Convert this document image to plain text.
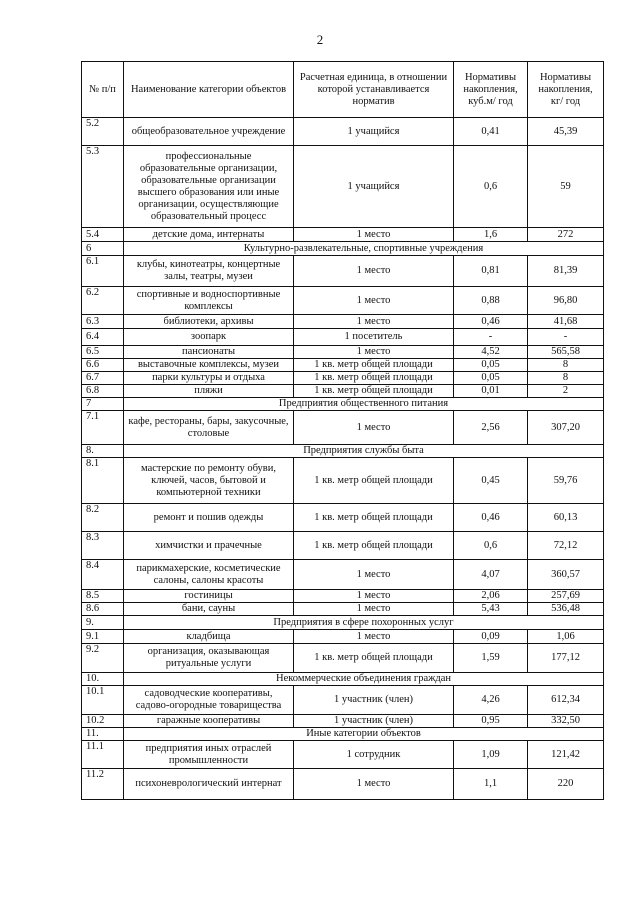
2
№ п/п	Наименование категории объектов	Расчетная единица, в отношении которой устанавливается норматив	Нормативы накопления, куб.м/ год	Нормативы накопления, кг/ год
5.2	общеобразовательное учреждение	1 учащийся	0,41	45,39
5.3	профессиональные образовательные организации, образовательные организации высшего образования или иные организации, осуществляющие образовательный процесс	1 учащийся	0,6	59
5.4	детские дома, интернаты	1 место	1,6	272
6	Культурно-развлекательные, спортивные учреждения			
6.1	клубы, кинотеатры, концертные залы, театры, музеи	1 место	0,81	81,39
6.2	спортивные и водноспортивные комплексы	1 место	0,88	96,80
6.3	библиотеки, архивы	1 место	0,46	41,68
6.4	зоопарк	1 посетитель	-	-
6.5	пансионаты	1 место	4,52	565,58
6.6	выставочные комплексы, музеи	1 кв. метр общей площади	0,05	8
6.7	парки культуры и отдыха	1 кв. метр общей площади	0,05	8
6.8	пляжи	1 кв. метр общей площади	0,01	2
7	Предприятия общественного питания			
7.1	кафе, рестораны, бары, закусочные, столовые	1 место	2,56	307,20
8.	Предприятия службы быта			
8.1	мастерские по ремонту обуви, ключей, часов, бытовой и компьютерной техники	1 кв. метр общей площади	0,45	59,76
8.2	ремонт и пошив одежды	1 кв. метр общей площади	0,46	60,13
8.3	химчистки и прачечные	1 кв. метр общей площади	0,6	72,12
8.4	парикмахерские, косметические салоны, салоны красоты	1 место	4,07	360,57
8.5	гостиницы	1 место	2,06	257,69
8.6	бани, сауны	1 место	5,43	536,48
9.	Предприятия в сфере похоронных услуг			
9.1	кладбища	1 место	0,09	1,06
9.2	организация, оказывающая ритуальные услуги	1 кв. метр общей площади	1,59	177,12
10.	Некоммерческие объединения граждан			
10.1	садоводческие кооперативы, садово-огородные товарищества	1 участник (член)	4,26	612,34
10.2	гаражные кооперативы	1 участник (член)	0,95	332,50
11.	Иные категории объектов			
11.1	предприятия иных отраслей промышленности	1 сотрудник	1,09	121,42
11.2	психоневрологический интернат	1 место	1,1	220
